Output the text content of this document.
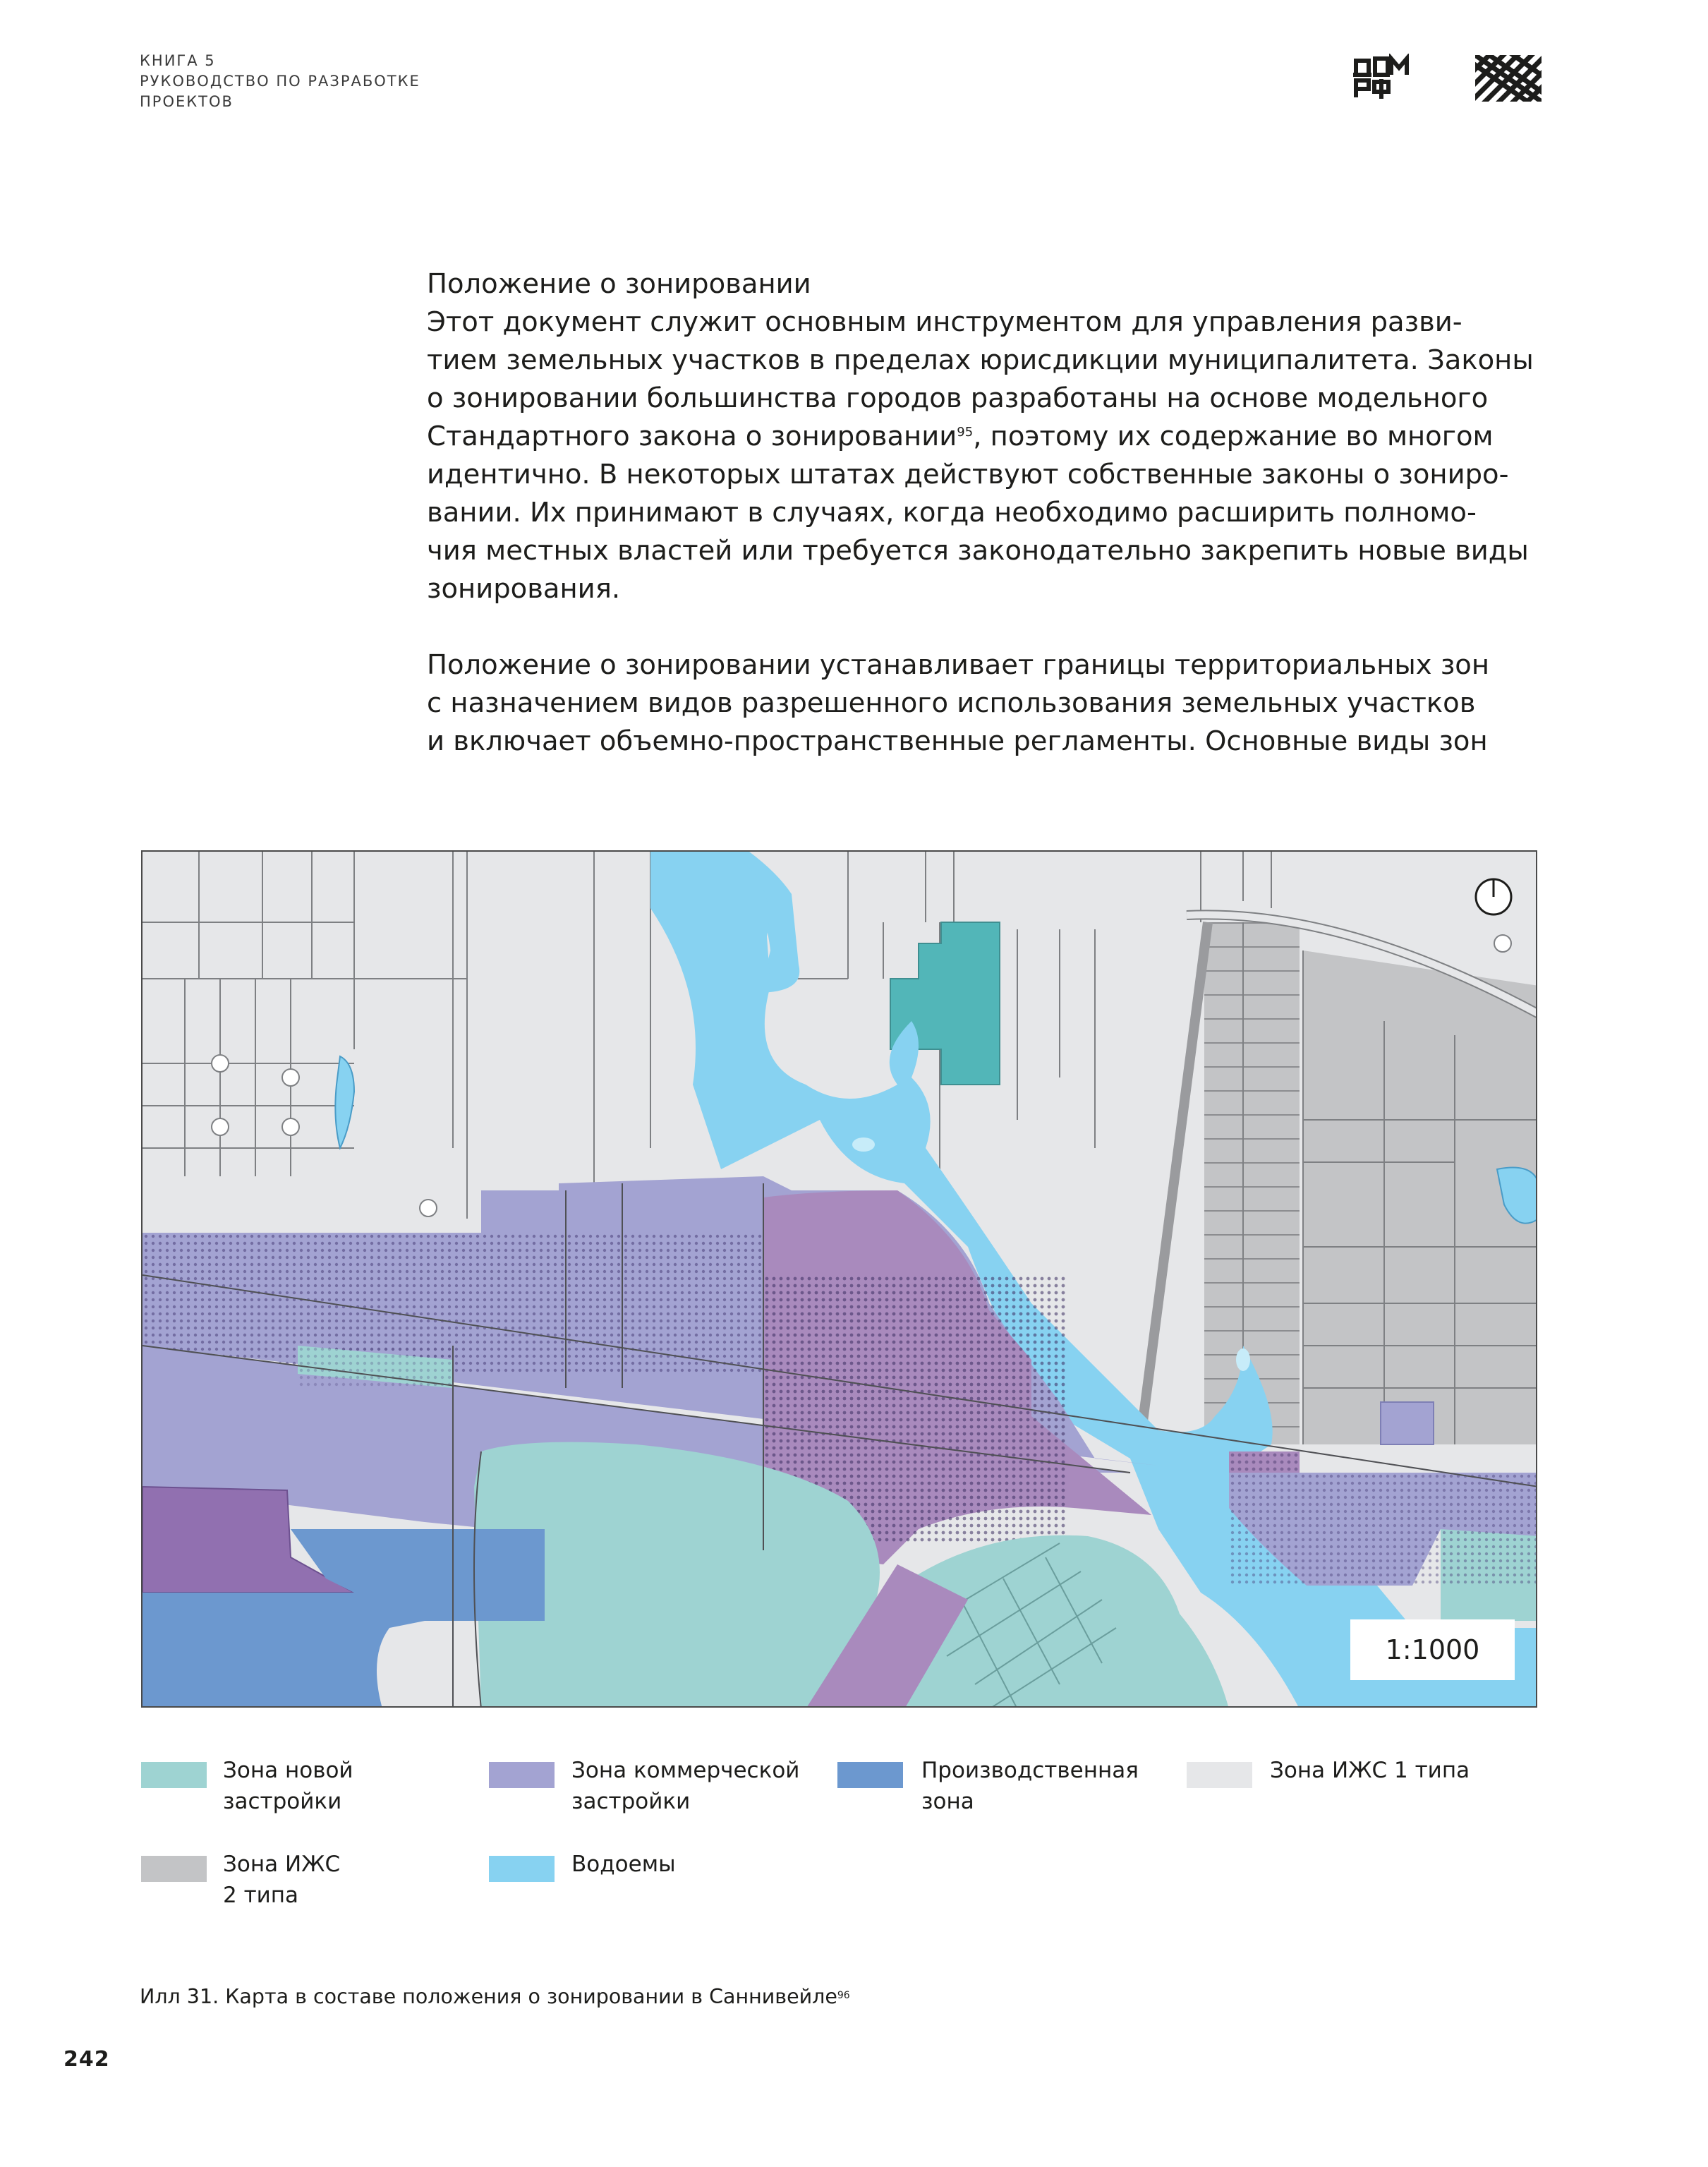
КНИГА 5
РУКОВОДСТВО ПО РАЗРАБОТКЕ
ПРОЕКТОВ

Положение о зонировании
Этот документ служит основным инструментом для управления разви-
тием земельных участков в пределах юрисдикции муниципалитета. Законы
о зонировании большинства городов разработаны на основе модельного
Стандартного закона о зонировании$^{95}$, поэтому их содержание во многом
идентично. В некоторых штатах действуют собственные законы о зониро-
вании. Их принимают в случаях, когда необходимо расширить полномо-
чия местных властей или требуется законодательно закрепить новые виды
зонирования.

Положение о зонировании устанавливает границы территориальных зон
с назначением видов разрешенного использования земельных участков
и включает объемно-пространственные регламенты. Основные виды зон

1:1000
Зона новой
застройки
Зона коммерческой
застройки
Производственная
зона
Зона ИЖС 1 типа
Зона ИЖС
2 типа
Водоемы
Илл 31. Карта в составе положения о зонировании в Саннивейле$^{96}$
242
